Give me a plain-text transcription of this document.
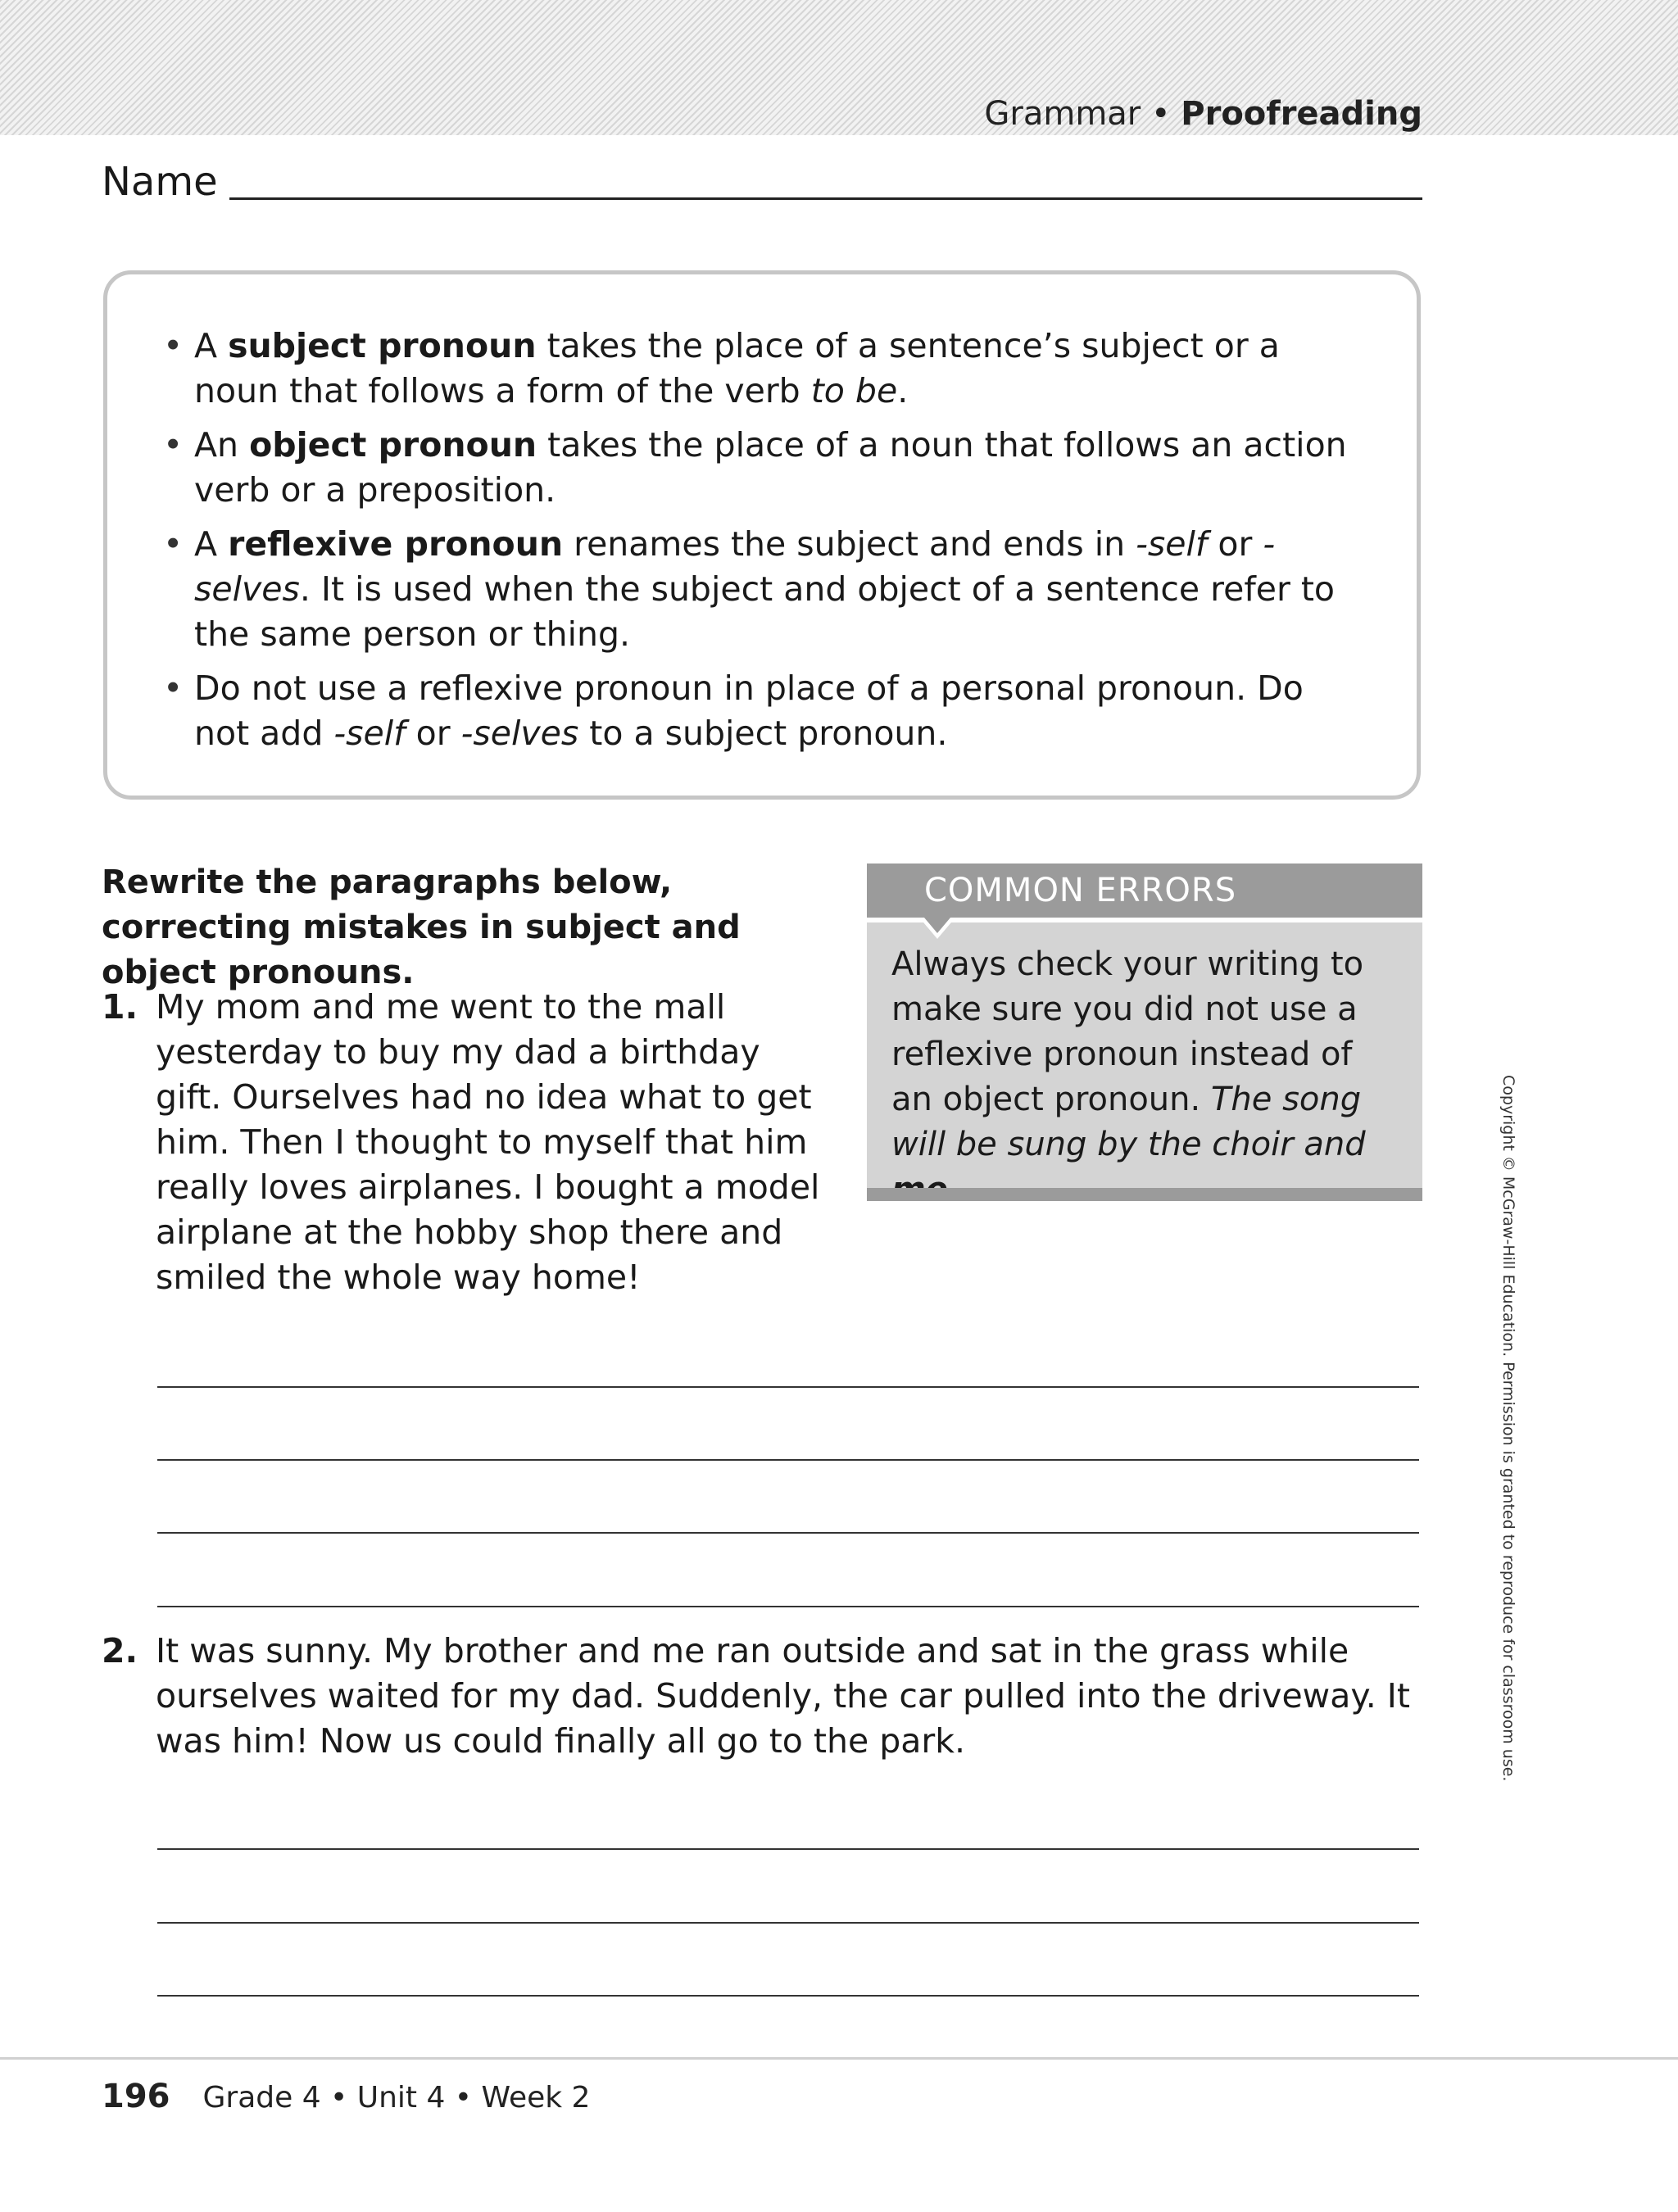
Grammar • Proofreading
Name
• A subject pronoun takes the place of a sentence’s subject or a noun that follows a form of the verb to be.
• An object pronoun takes the place of a noun that follows an action verb or a preposition.
• A reflexive pronoun renames the subject and ends in -self or -selves. It is used when the subject and object of a sentence refer to the same person or thing.
• Do not use a reflexive pronoun in place of a personal pronoun. Do not add -self or -selves to a subject pronoun.
Rewrite the paragraphs below, correcting mistakes in subject and object pronouns.
COMMON ERRORS
Always check your writing to make sure you did not use a reflexive pronoun instead of an object pronoun. The song will be sung by the choir and
1. My mom and me went to the mall yesterday to buy my dad a birthday gift. Ourselves had no idea what to get him. Then I thought to myself that him really loves airplanes. I bought a model airplane at the hobby shop there and smiled the whole way home!
2. It was sunny. My brother and me ran outside and sat in the grass while ourselves waited for my dad. Suddenly, the car pulled into the driveway. It was him! Now us could finally all go to the park.	Copyright © McGraw-Hill Education. Permission is granted to reproduce for classroom use.
196 Grade 4 • Unit 4 • Week 2
